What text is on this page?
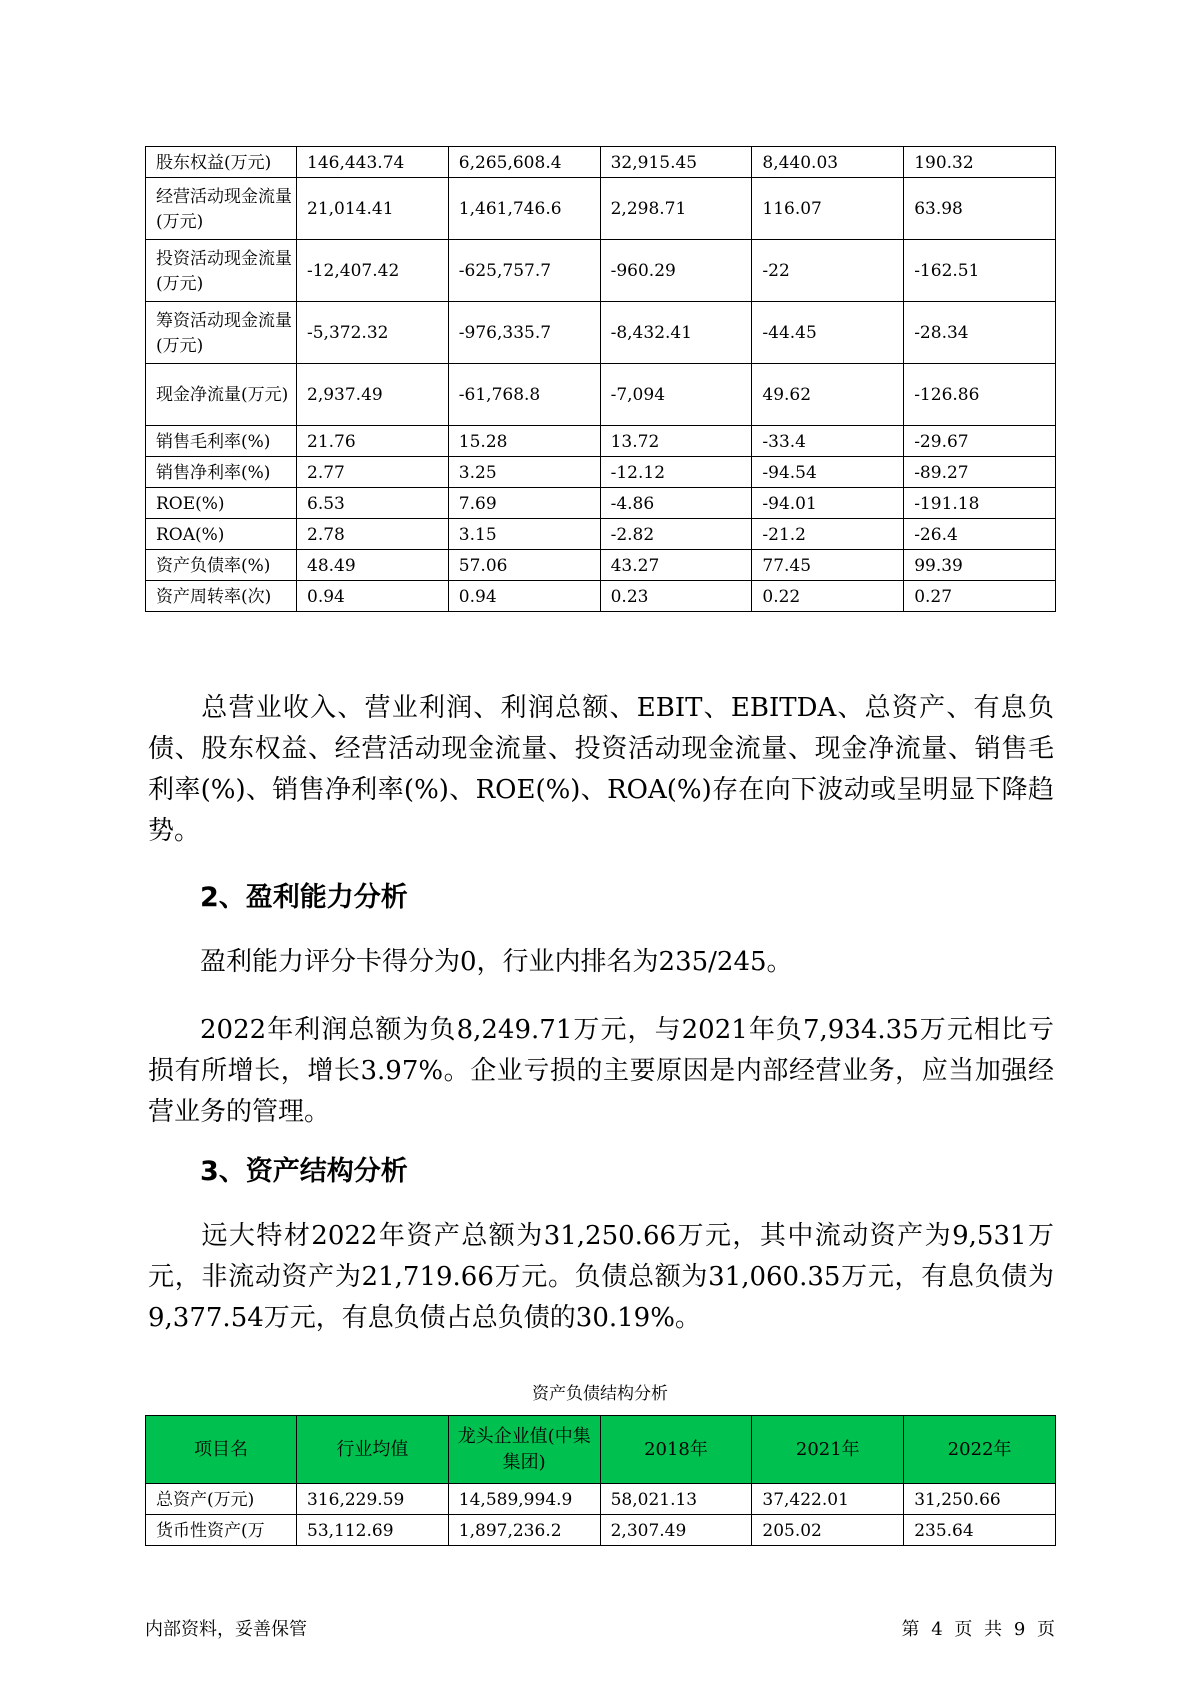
股东权益(万元)	146,443.74	6,265,608.4	32,915.45	8,440.03	190.32
经营活动现金流量(万元)	21,014.41	1,461,746.6	2,298.71	116.07	63.98
投资活动现金流量(万元)	-12,407.42	-625,757.7	-960.29	-22	-162.51
筹资活动现金流量(万元)	-5,372.32	-976,335.7	-8,432.41	-44.45	-28.34
现金净流量(万元)	2,937.49	-61,768.8	-7,094	49.62	-126.86
销售毛利率(%)	21.76	15.28	13.72	-33.4	-29.67
销售净利率(%)	2.77	3.25	-12.12	-94.54	-89.27
ROE(%)	6.53	7.69	-4.86	-94.01	-191.18
ROA(%)	2.78	3.15	-2.82	-21.2	-26.4
资产负债率(%)	48.49	57.06	43.27	77.45	99.39
资产周转率(次)	0.94	0.94	0.23	0.22	0.27

总营业收入、营业利润、利润总额、EBIT、EBITDA、总资产、有息负债、股东权益、经营活动现金流量、投资活动现金流量、现金净流量、销售毛利率(%)、销售净利率(%)、ROE(%)、ROA(%)存在向下波动或呈明显下降趋势。

2、盈利能力分析

盈利能力评分卡得分为0，行业内排名为235/245。

2022年利润总额为负8,249.71万元，与2021年负7,934.35万元相比亏损有所增长，增长3.97%。企业亏损的主要原因是内部经营业务，应当加强经营业务的管理。

3、资产结构分析

远大特材2022年资产总额为31,250.66万元，其中流动资产为9,531万元，非流动资产为21,719.66万元。负债总额为31,060.35万元，有息负债为9,377.54万元，有息负债占总负债的30.19%。

资产负债结构分析
项目名	行业均值	龙头企业值(中集集团)	2018年	2021年	2022年
总资产(万元)	316,229.59	14,589,994.9	58,021.13	37,422.01	31,250.66
货币性资产(万	53,112.69	1,897,236.2	2,307.49	205.02	235.64
内部资料，妥善保管	第 4 页 共 9 页
